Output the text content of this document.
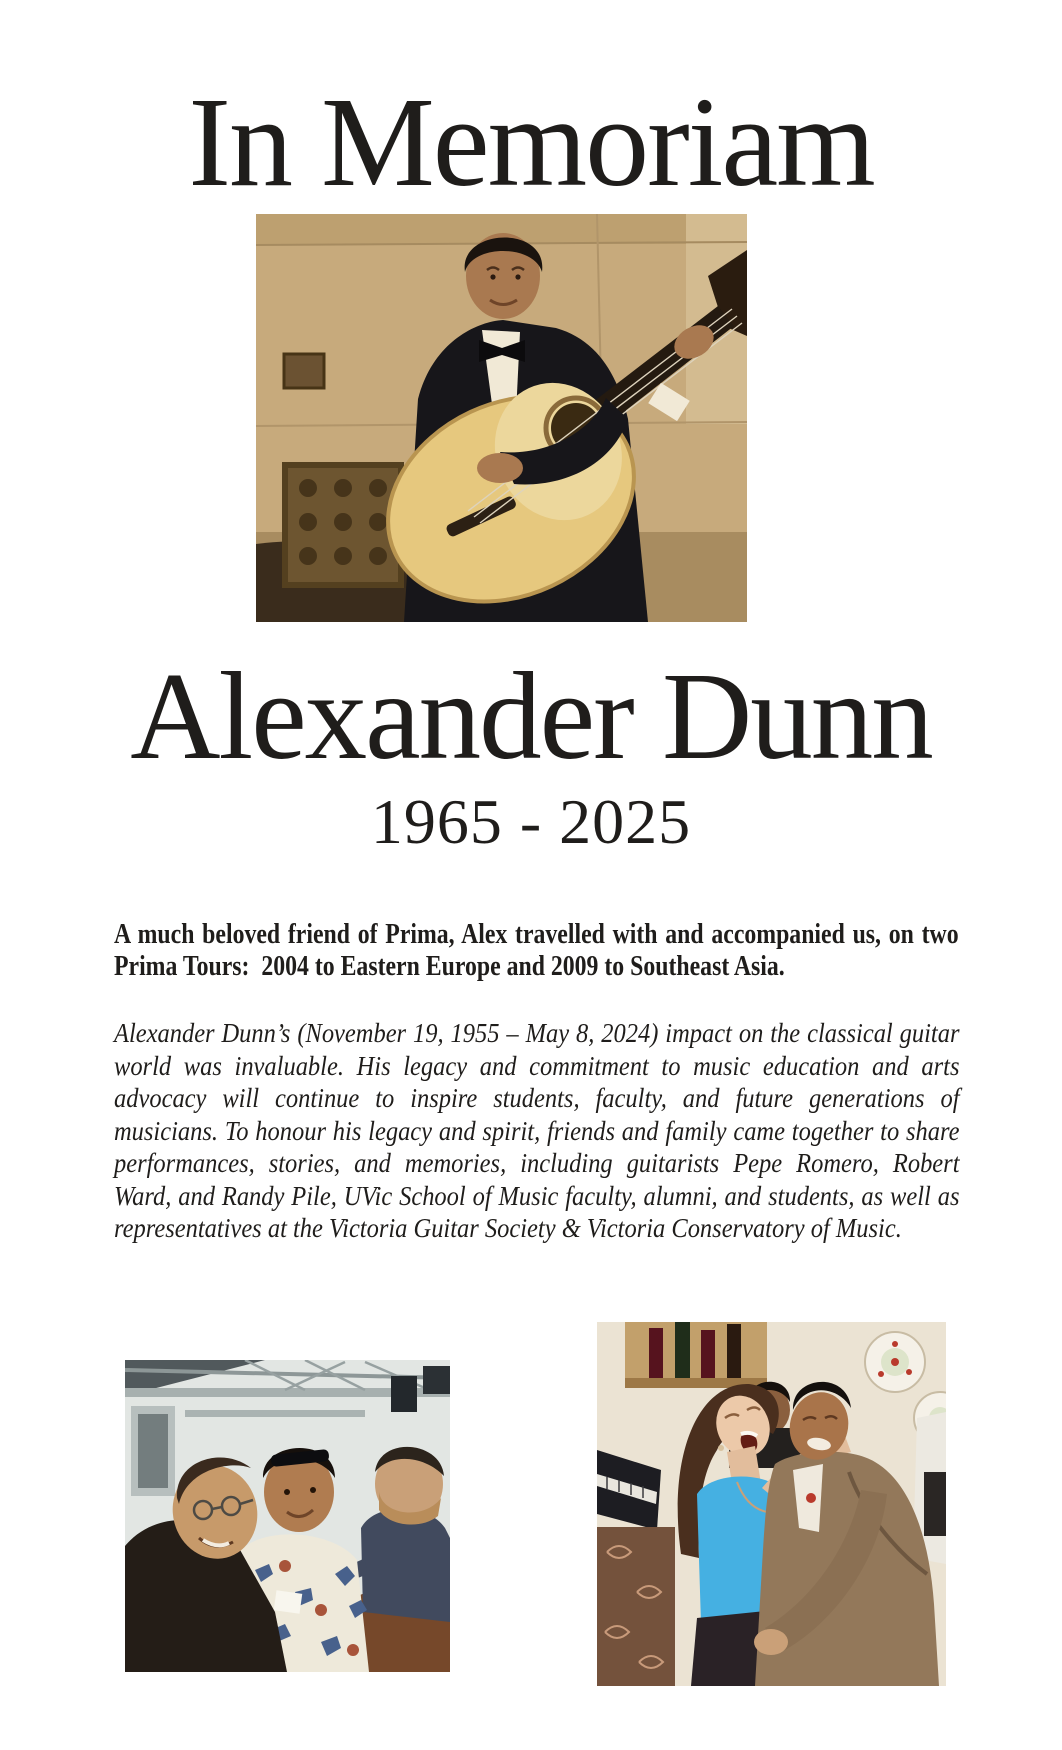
In Memoriam
Alexander Dunn
1965 - 2025

A much beloved friend of Prima, Alex travelled with and accompanied us, on two Prima Tours:  2004 to Eastern Europe and 2009 to Southeast Asia.

Alexander Dunn’s (November 19, 1955 – May 8, 2024) impact on the classical guitar world was invaluable. His legacy and commitment to music education and arts advocacy will continue to inspire students, faculty, and future generations of musicians. To honour his legacy and spirit, friends and family came together to share performances, stories, and memories, including guitarists Pepe Romero, Robert Ward, and Randy Pile, UVic School of Music faculty, alumni, and students, as well as representatives at the Victoria Guitar Society & Victoria Conservatory of Music.
